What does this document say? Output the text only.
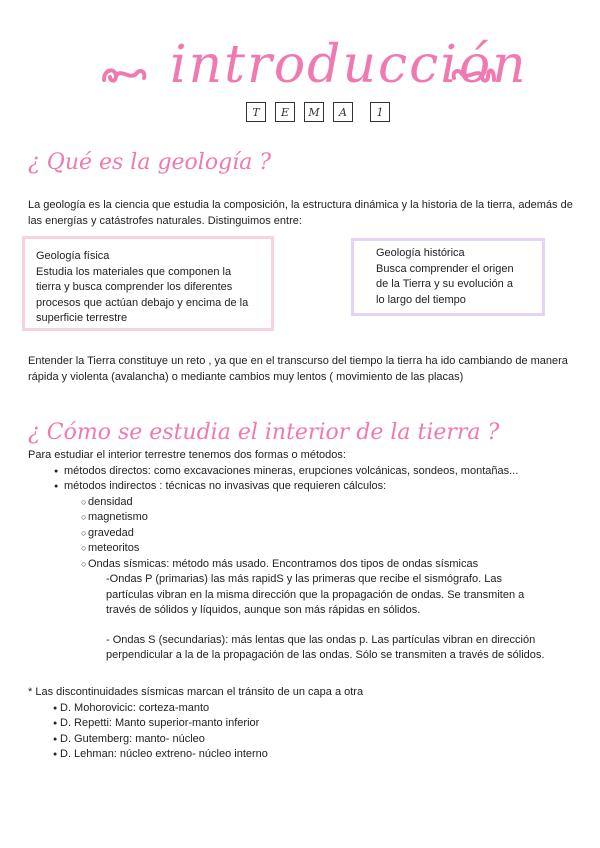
introducción
T	E	M	A	1
¿ Qué es la geología ?
La geología es la ciencia que estudia la composición, la estructura dinámica y la historia de la tierra, además de las energías y catástrofes naturales. Distinguimos entre:
Geología física
Estudia los materiales que componen la
tierra y busca comprender los diferentes
procesos que actúan debajo y encima de la
superficie terrestre
Geología histórica
Busca comprender el origen
de la Tierra y su evolución a
lo largo del tiempo
Entender la Tierra constituye un reto , ya que en el transcurso del tiempo la tierra ha ido cambiando de manera rápida y violenta (avalancha) o mediante cambios muy lentos ( movimiento de las placas)
¿ Cómo se estudia el interior de la tierra ?
Para estudiar el interior terrestre tenemos dos formas o métodos:
● métodos directos: como excavaciones mineras, erupciones volcánicas, sondeos, montañas...
● métodos indirectos : técnicas no invasivas que requieren cálculos:
○ densidad
○ magnetismo
○ gravedad
○ meteoritos
○ Ondas sísmicas: método más usado. Encontramos dos tipos de ondas sísmicas
-Ondas P (primarias) las más rapidS y las primeras que recibe el sismógrafo. Las
partículas vibran en la misma dirección que la propagación de ondas. Se transmiten a
través de sólidos y líquidos, aunque son más rápidas en sólidos.
- Ondas S (secundarias): más lentas que las ondas p. Las partículas vibran en dirección
perpendicular a la de la propagación de las ondas. Sólo se transmiten a través de sólidos.
* Las discontinuidades sísmicas marcan el tránsito de un capa a otra
● D. Mohorovicic: corteza-manto
● D. Repetti: Manto superior-manto inferior
● D. Gutemberg: manto- núcleo
● D. Lehman: núcleo extreno- núcleo interno
